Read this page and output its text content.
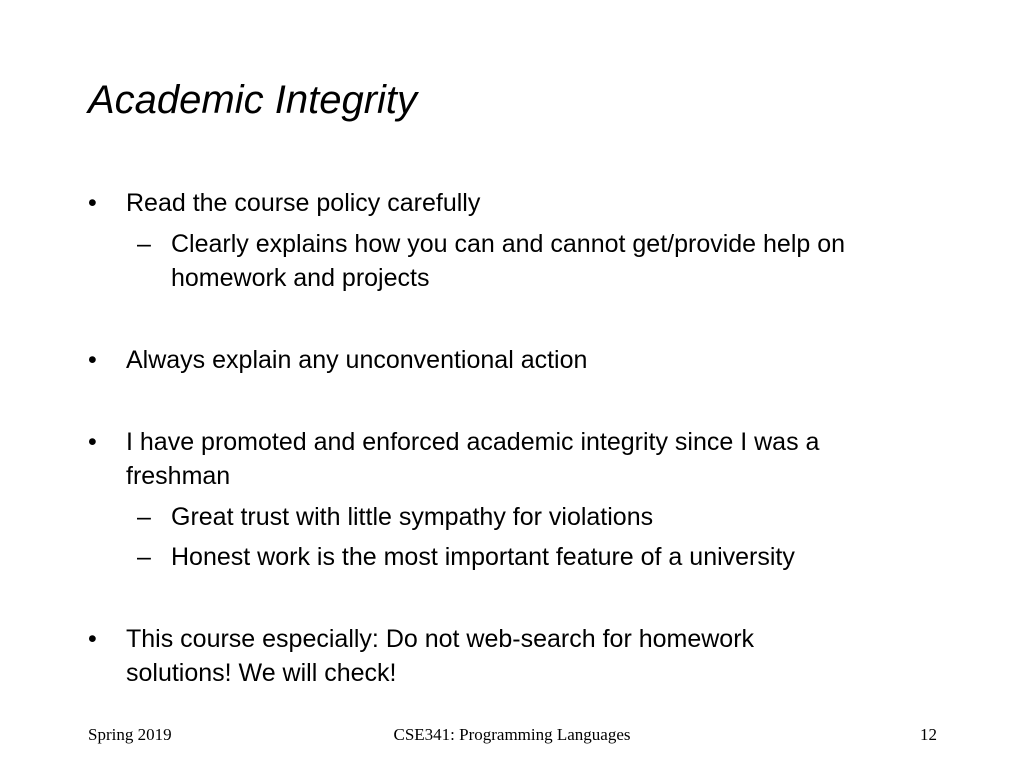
Academic Integrity
• Read the course policy carefully
– Clearly explains how you can and cannot get/provide help on
homework and projects
• Always explain any unconventional action
• I have promoted and enforced academic integrity since I was a
freshman
– Great trust with little sympathy for violations
– Honest work is the most important feature of a university
• This course especially: Do not web-search for homework
solutions! We will check!
Spring 2019	CSE341: Programming Languages	12
